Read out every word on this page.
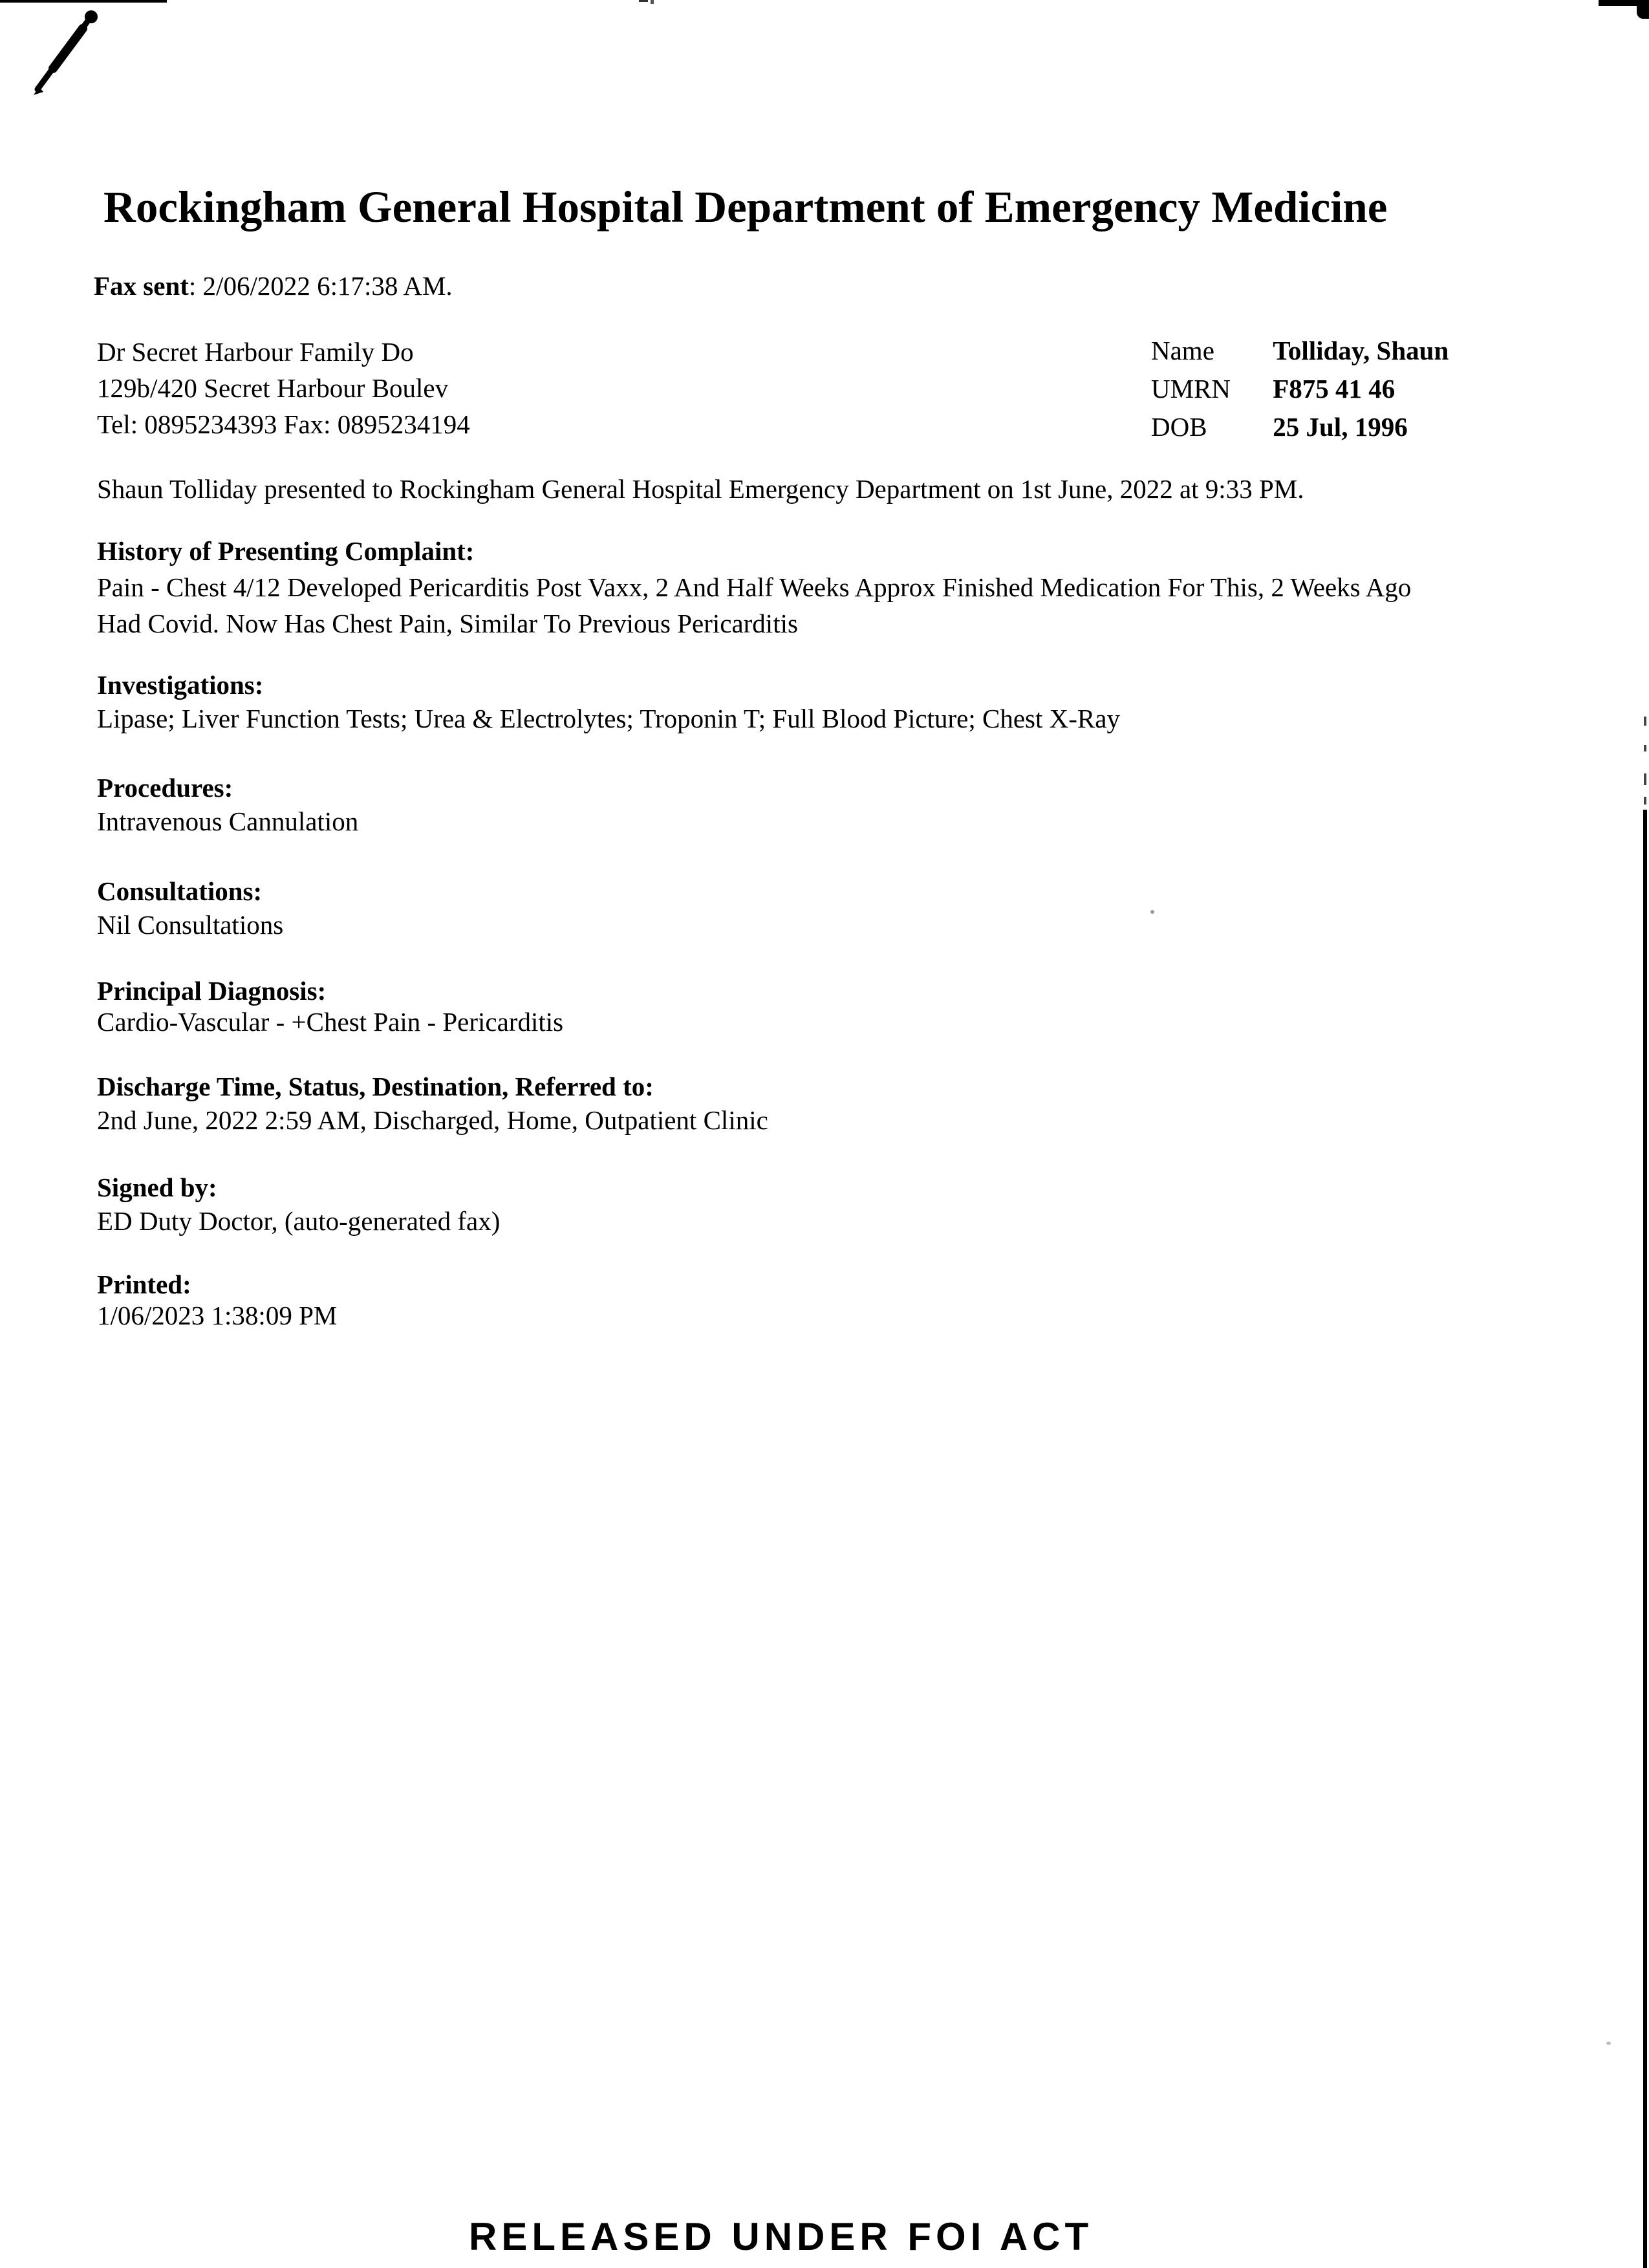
Rockingham General Hospital Department of Emergency Medicine
Fax sent: 2/06/2022 6:17:38 AM.
Dr Secret Harbour Family Do
129b/420 Secret Harbour Boulev
Tel: 0895234393 Fax: 0895234194
Name Tolliday, Shaun
UMRN F875 41 46
DOB 25 Jul, 1996
Shaun Tolliday presented to Rockingham General Hospital Emergency Department on 1st June, 2022 at 9:33 PM.
History of Presenting Complaint:
Pain - Chest 4/12 Developed Pericarditis Post Vaxx, 2 And Half Weeks Approx Finished Medication For This, 2 Weeks Ago Had Covid. Now Has Chest Pain, Similar To Previous Pericarditis
Investigations:
Lipase; Liver Function Tests; Urea & Electrolytes; Troponin T; Full Blood Picture; Chest X-Ray
Procedures:
Intravenous Cannulation
Consultations:
Nil Consultations
Principal Diagnosis:
Cardio-Vascular - +Chest Pain - Pericarditis
Discharge Time, Status, Destination, Referred to:
2nd June, 2022 2:59 AM, Discharged, Home, Outpatient Clinic
Signed by:
ED Duty Doctor, (auto-generated fax)
Printed:
1/06/2023 1:38:09 PM
RELEASED UNDER FOI ACT
